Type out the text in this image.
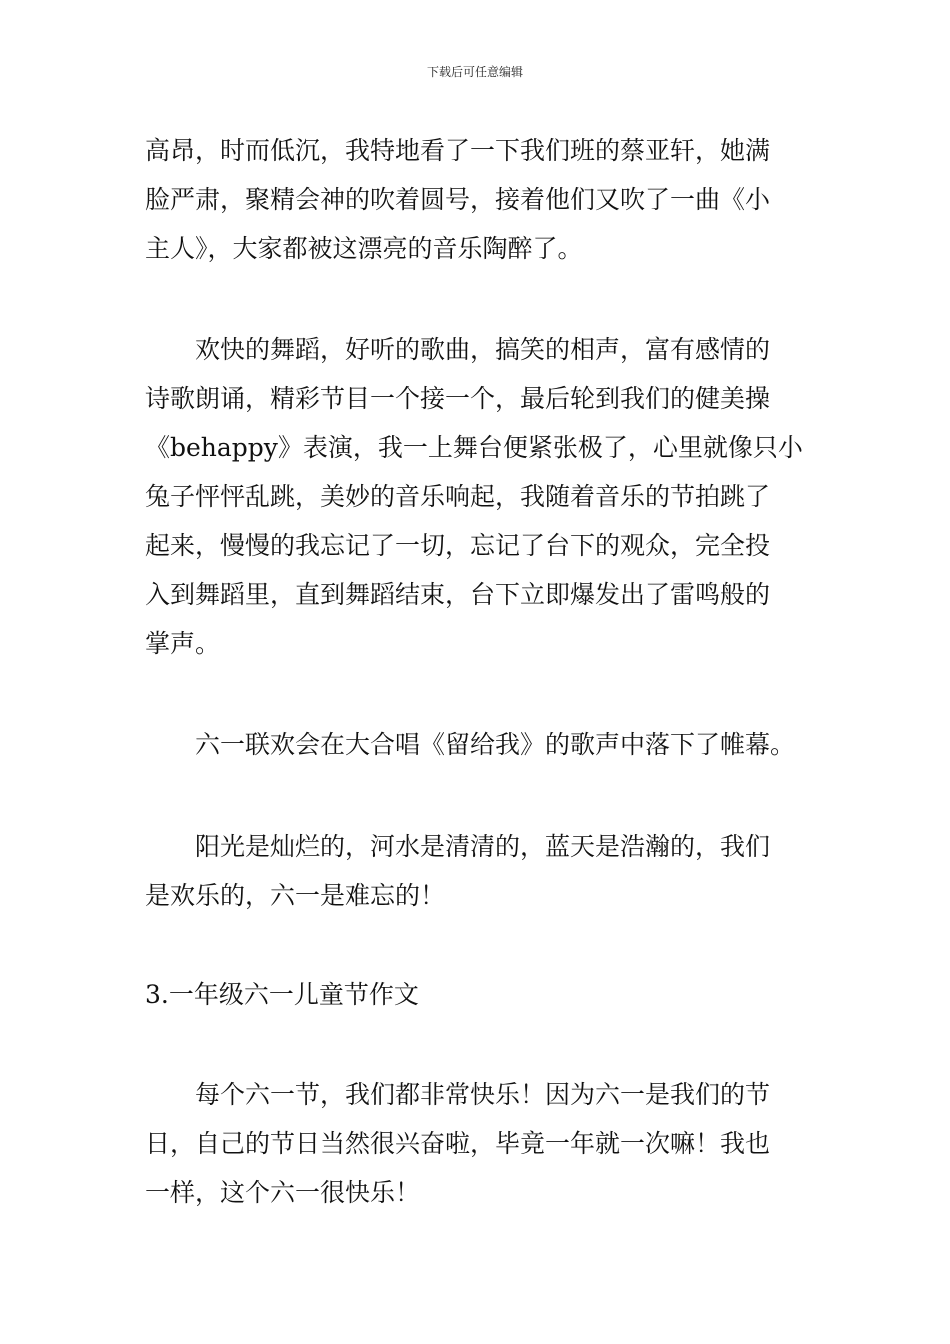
下载后可任意编辑

高昂，时而低沉，我特地看了一下我们班的蔡亚轩，她满
脸严肃，聚精会神的吹着圆号，接着他们又吹了一曲《小
主人》，大家都被这漂亮的音乐陶醉了。

欢快的舞蹈，好听的歌曲，搞笑的相声，富有感情的
诗歌朗诵，精彩节目一个接一个，最后轮到我们的健美操
《behappy》表演，我一上舞台便紧张极了，心里就像只小
兔子怦怦乱跳，美妙的音乐响起，我随着音乐的节拍跳了
起来，慢慢的我忘记了一切，忘记了台下的观众，完全投
入到舞蹈里，直到舞蹈结束，台下立即爆发出了雷鸣般的
掌声。

六一联欢会在大合唱《留给我》的歌声中落下了帷幕。

阳光是灿烂的，河水是清清的，蓝天是浩瀚的，我们
是欢乐的，六一是难忘的！

3.一年级六一儿童节作文

每个六一节，我们都非常快乐！因为六一是我们的节
日，自己的节日当然很兴奋啦，毕竟一年就一次嘛！我也
一样，这个六一很快乐！
